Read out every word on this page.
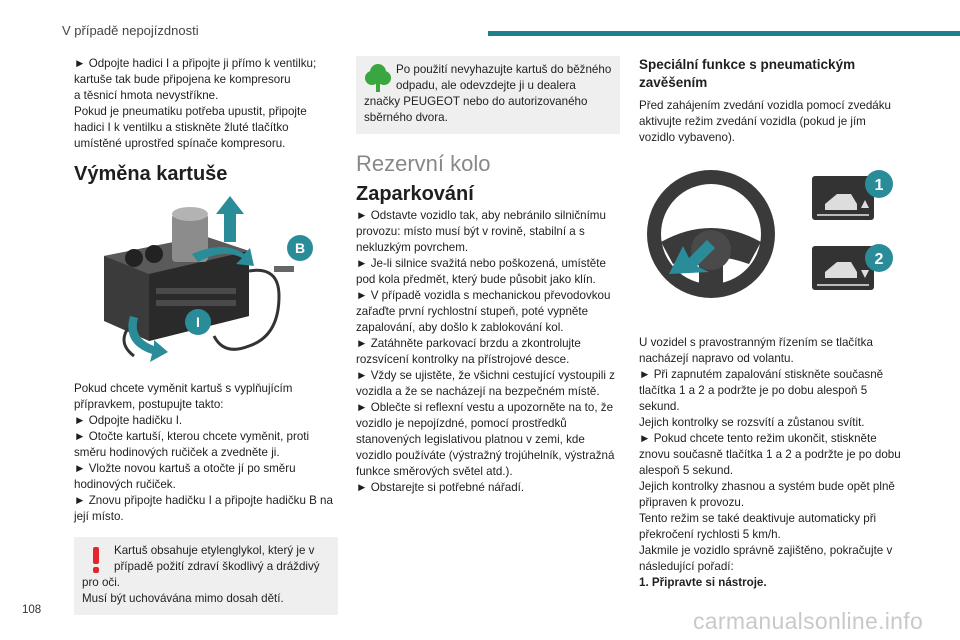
V případě nepojízdnosti

► Odpojte hadici I a připojte ji přímo k ventilku; kartuše tak bude připojena ke kompresoru
a těsnicí hmota nevystříkne.
Pokud je pneumatiku potřeba upustit, připojte hadici I k ventilku a stiskněte žluté tlačítko umístěné uprostřed spínače kompresoru.

Výměna kartuše
B
I

Pokud chcete vyměnit kartuš s vyplňujícím přípravkem, postupujte takto:
► Odpojte hadičku I.
► Otočte kartuší, kterou chcete vyměnit, proti směru hodinových ručiček a zvedněte ji.
► Vložte novou kartuš a otočte jí po směru hodinových ručiček.
► Znovu připojte hadičku I a připojte hadičku B na její místo.

Kartuš obsahuje etylenglykol, který je v případě požití zdraví škodlivý a dráždivý pro oči.
Musí být uchovávána mimo dosah dětí.

Po použití nevyhazujte kartuš do běžného odpadu, ale odevzdejte ji u dealera značky PEUGEOT nebo do autorizovaného sběrného dvora.

Rezervní kolo
Zaparkování

► Odstavte vozidlo tak, aby nebránilo silničnímu provozu: místo musí být v rovině, stabilní a s nekluzkým povrchem.
► Je-li silnice svažitá nebo poškozená, umístěte pod kola předmět, který bude působit jako klín.
► V případě vozidla s mechanickou převodovkou zařaďte první rychlostní stupeň, poté vypněte zapalování, aby došlo k zablokování kol.
► Zatáhněte parkovací brzdu a zkontrolujte rozsvícení kontrolky na přístrojové desce.
► Vždy se ujistěte, že všichni cestující vystoupili z vozidla a že se nacházejí na bezpečném místě.
► Oblečte si reflexní vestu a upozorněte na to, že vozidlo je nepojízdné, pomocí prostředků stanovených legislativou platnou v zemi, kde vozidlo používáte (výstražný trojúhelník, výstražná funkce směrových světel atd.).
► Obstarejte si potřebné nářadí.

Speciální funkce s pneumatickým zavěšením

Před zahájením zvedání vozidla pomocí zvedáku aktivujte režim zvedání vozidla (pokud je jím vozidlo vybaveno).

1
2

U vozidel s pravostranným řízením se tlačítka nacházejí napravo od volantu.
► Při zapnutém zapalování stiskněte současně tlačítka 1 a 2 a podržte je po dobu alespoň 5 sekund.
Jejich kontrolky se rozsvítí a zůstanou svítit.
► Pokud chcete tento režim ukončit, stiskněte znovu současně tlačítka 1 a 2 a podržte je po dobu alespoň 5 sekund.
Jejich kontrolky zhasnou a systém bude opět plně připraven k provozu.
Tento režim se také deaktivuje automaticky při překročení rychlosti 5 km/h.
Jakmile je vozidlo správně zajištěno, pokračujte v následující pořadí:

1. Připravte si nástroje.

108	carmanualsonline.info
